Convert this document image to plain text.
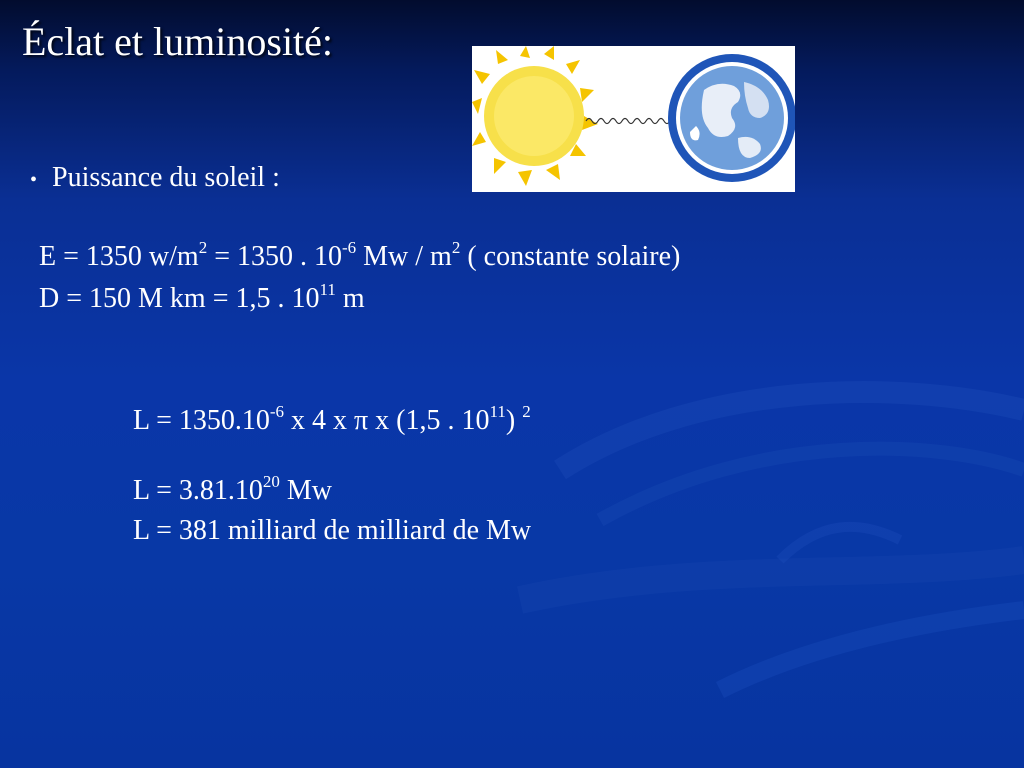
Éclat et luminosité:
• Puissance du soleil :
E = 1350 $w/m^2 = 1350$ . $10^{-6}$ Mw / $m^2$ ( constante solaire)
D = 150 M km = 1,5 . $10^{11}$ m
$L = 1350.10^{-6}$ x 4 x π x (1,5 . $10^{11}$) $^2$
$L = 3.81.10^{20}$ Mw
L = 381 milliard de milliard de Mw
